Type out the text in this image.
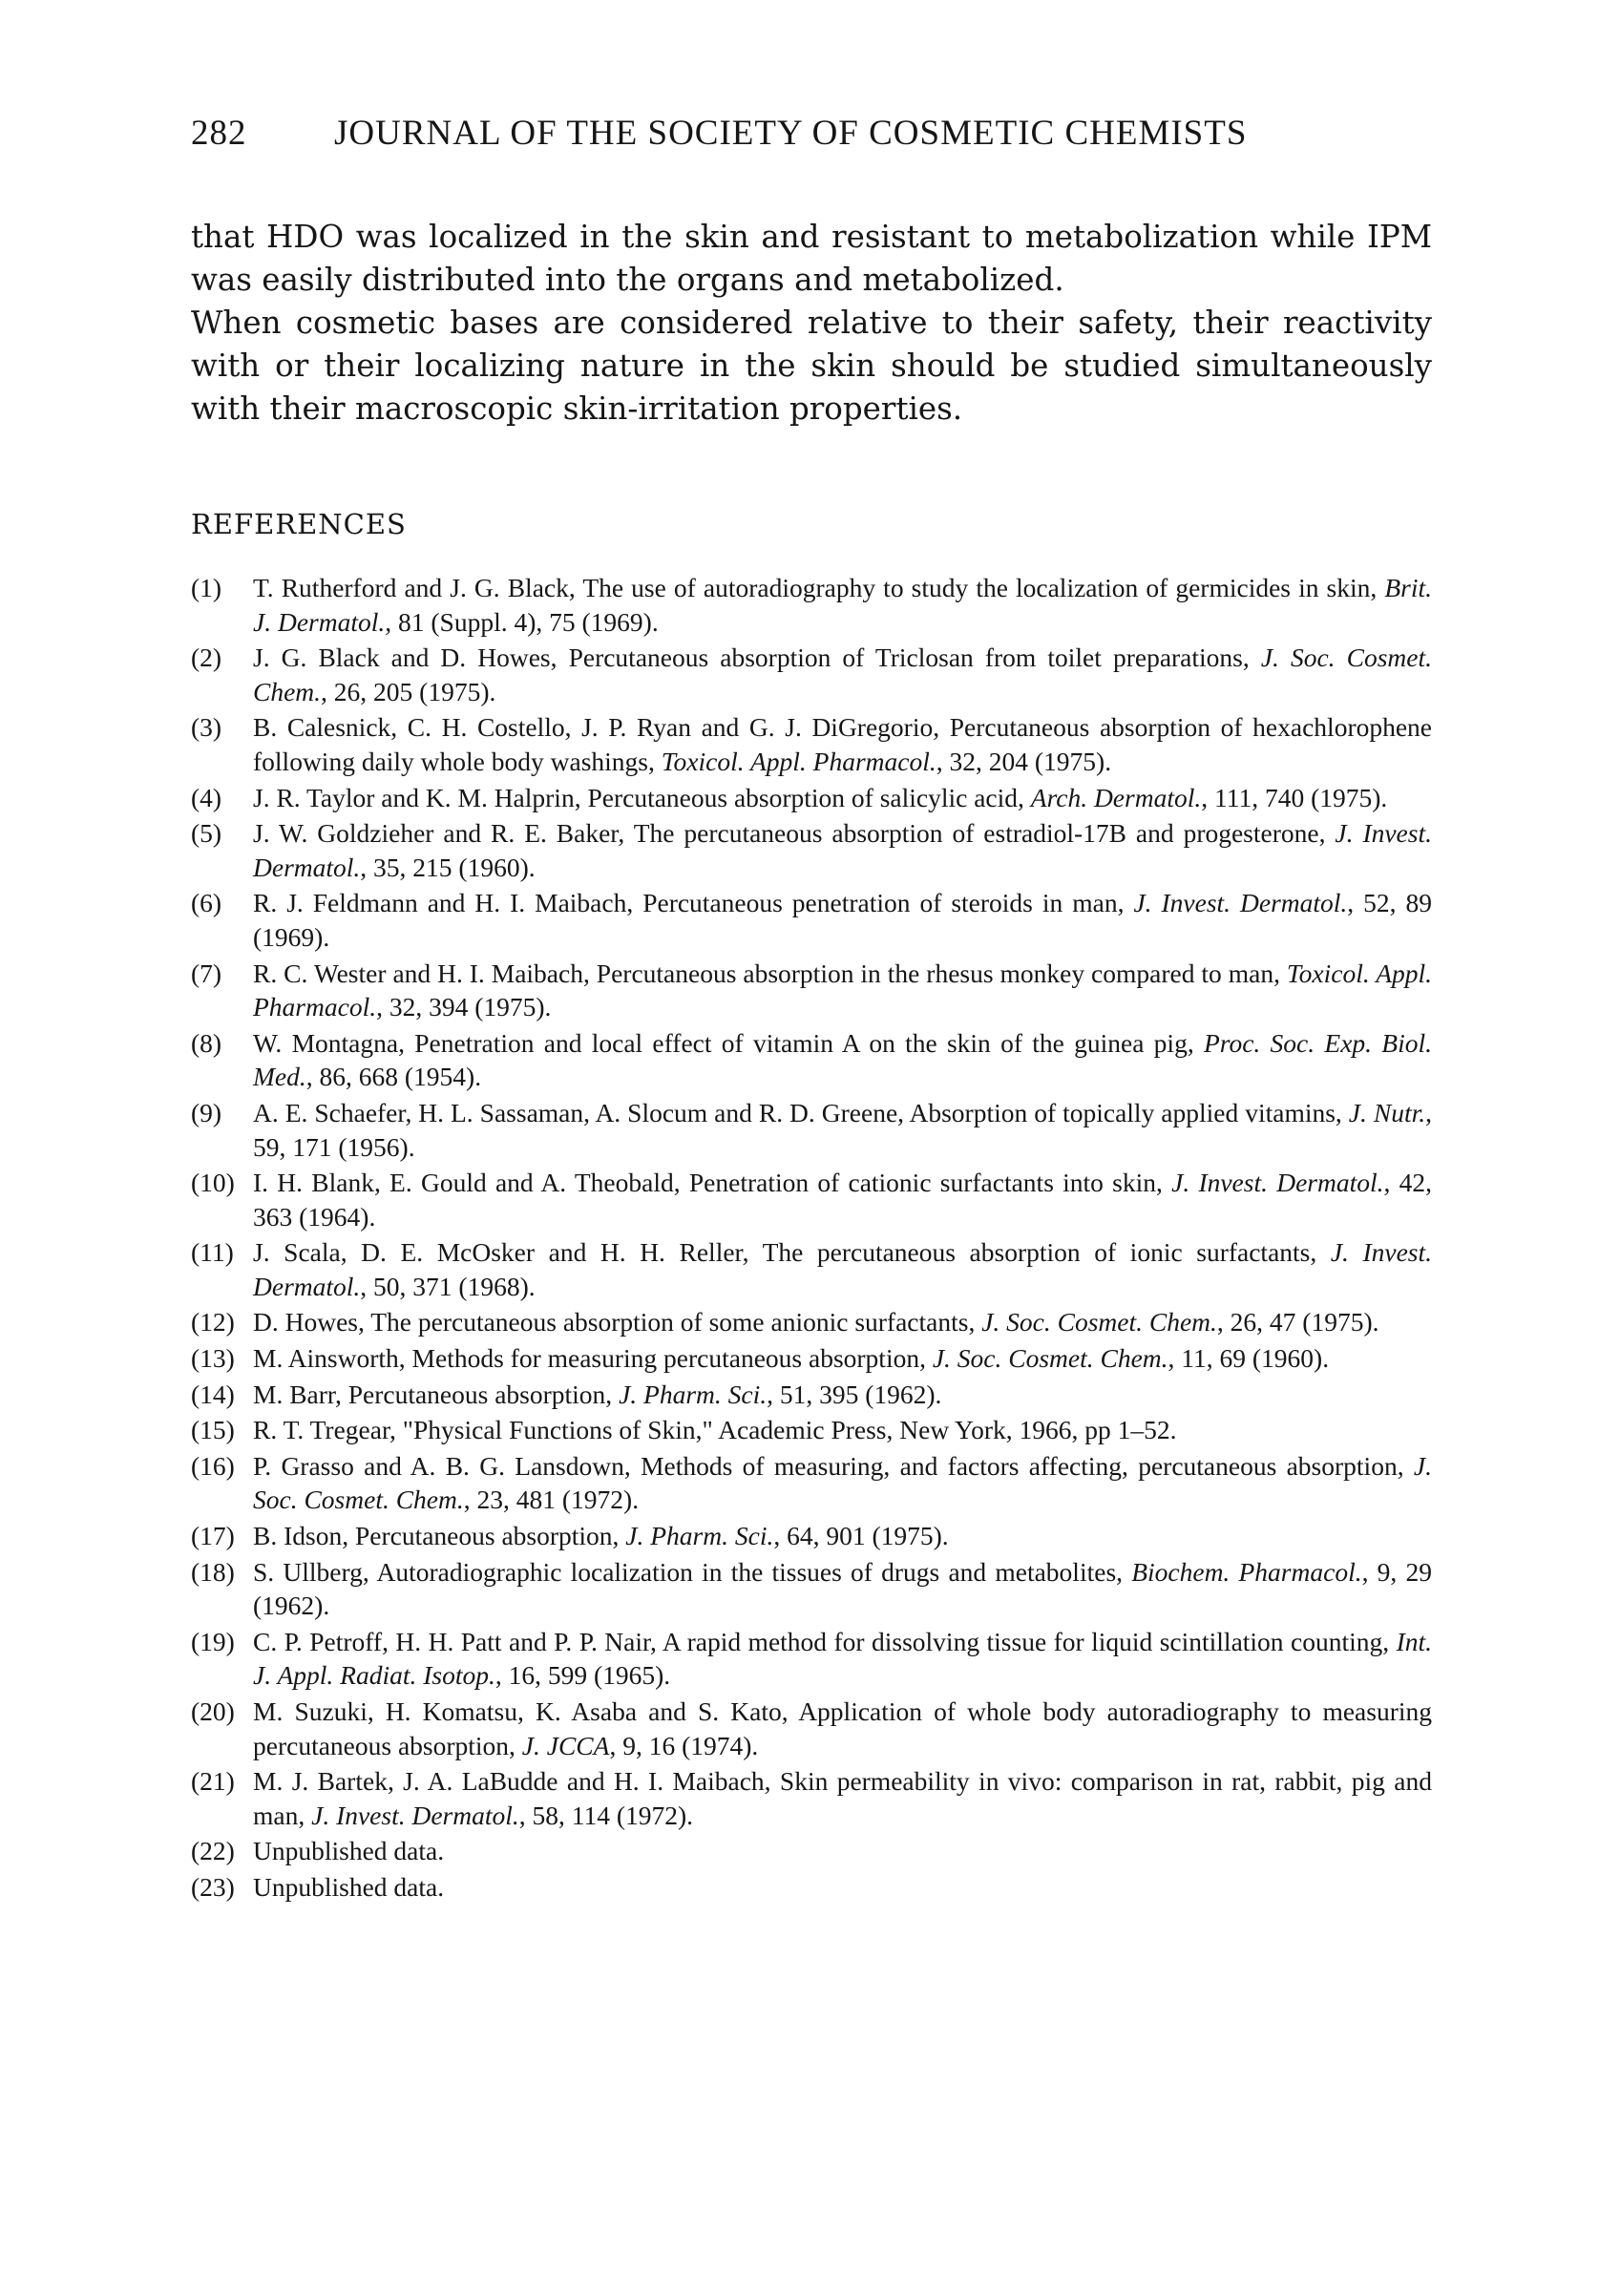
282 JOURNAL OF THE SOCIETY OF COSMETIC CHEMISTS

that HDO was localized in the skin and resistant to metabolization while IPM was easily distributed into the organs and metabolized.

When cosmetic bases are considered relative to their safety, their reactivity with or their localizing nature in the skin should be studied simultaneously with their macroscopic skin-irritation properties.

REFERENCES
(1)	T. Rutherford and J. G. Black, The use of autoradiography to study the localization of germicides in skin, Brit. J. Dermatol., 81 (Suppl. 4), 75 (1969).
(2)	J. G. Black and D. Howes, Percutaneous absorption of Triclosan from toilet preparations, J. Soc. Cosmet. Chem., 26, 205 (1975).
(3)	B. Calesnick, C. H. Costello, J. P. Ryan and G. J. DiGregorio, Percutaneous absorption of hexachlorophene following daily whole body washings, Toxicol. Appl. Pharmacol., 32, 204 (1975).
(4)	J. R. Taylor and K. M. Halprin, Percutaneous absorption of salicylic acid, Arch. Dermatol., 111, 740 (1975).
(5)	J. W. Goldzieher and R. E. Baker, The percutaneous absorption of estradiol-17B and progesterone, J. Invest. Dermatol., 35, 215 (1960).
(6)	R. J. Feldmann and H. I. Maibach, Percutaneous penetration of steroids in man, J. Invest. Dermatol., 52, 89 (1969).
(7)	R. C. Wester and H. I. Maibach, Percutaneous absorption in the rhesus monkey compared to man, Toxicol. Appl. Pharmacol., 32, 394 (1975).
(8)	W. Montagna, Penetration and local effect of vitamin A on the skin of the guinea pig, Proc. Soc. Exp. Biol. Med., 86, 668 (1954).
(9)	A. E. Schaefer, H. L. Sassaman, A. Slocum and R. D. Greene, Absorption of topically applied vitamins, J. Nutr., 59, 171 (1956).
(10) I. H. Blank, E. Gould and A. Theobald, Penetration of cationic surfactants into skin, J. Invest. Dermatol., 42, 363 (1964).
(11) J. Scala, D. E. McOsker and H. H. Reller, The percutaneous absorption of ionic surfactants, J. Invest. Dermatol., 50, 371 (1968).
(12) D. Howes, The percutaneous absorption of some anionic surfactants, J. Soc. Cosmet. Chem., 26, 47 (1975).
(13) M. Ainsworth, Methods for measuring percutaneous absorption, J. Soc. Cosmet. Chem., 11, 69 (1960).
(14) M. Barr, Percutaneous absorption, J. Pharm. Sci., 51, 395 (1962).
(15) R. T. Tregear, "Physical Functions of Skin," Academic Press, New York, 1966, pp 1–52.
(16) P. Grasso and A. B. G. Lansdown, Methods of measuring, and factors affecting, percutaneous absorption, J. Soc. Cosmet. Chem., 23, 481 (1972).
(17) B. Idson, Percutaneous absorption, J. Pharm. Sci., 64, 901 (1975).
(18) S. Ullberg, Autoradiographic localization in the tissues of drugs and metabolites, Biochem. Pharmacol., 9, 29 (1962).
(19) C. P. Petroff, H. H. Patt and P. P. Nair, A rapid method for dissolving tissue for liquid scintillation counting, Int. J. Appl. Radiat. Isotop., 16, 599 (1965).
(20) M. Suzuki, H. Komatsu, K. Asaba and S. Kato, Application of whole body autoradiography to measuring percutaneous absorption, J. JCCA, 9, 16 (1974).
(21) M. J. Bartek, J. A. LaBudde and H. I. Maibach, Skin permeability in vivo: comparison in rat, rabbit, pig and man, J. Invest. Dermatol., 58, 114 (1972).
(22) Unpublished data.
(23) Unpublished data.
